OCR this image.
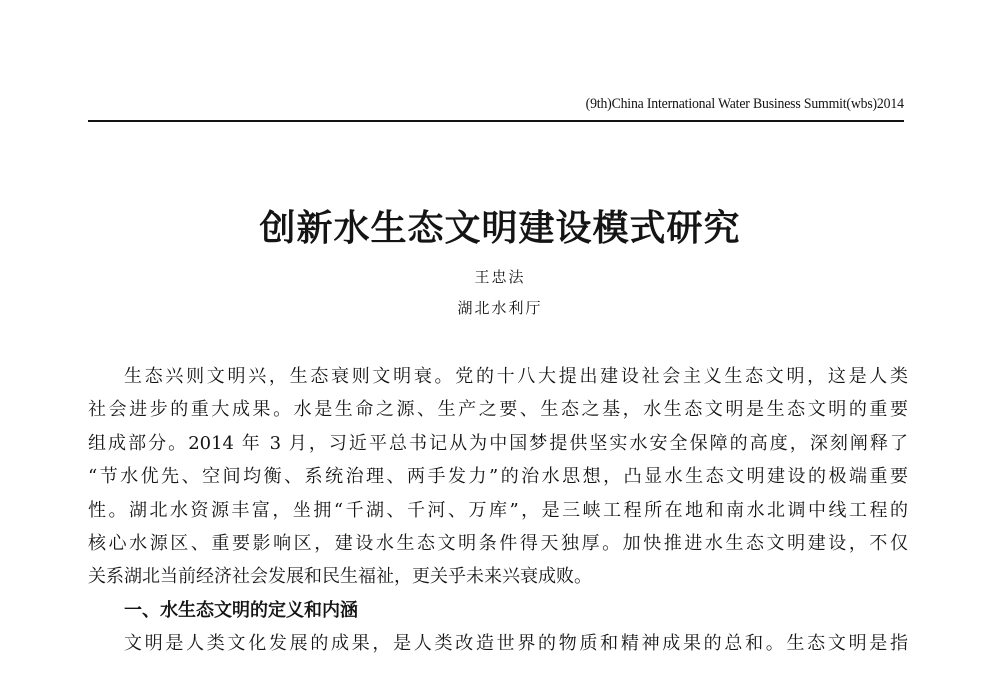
(9th)China International Water Business Summit(wbs)2014
创新水生态文明建设模式研究
王忠法
湖北水利厅
生态兴则文明兴，生态衰则文明衰。党的十八大提出建设社会主义生态文明，这是人类
社会进步的重大成果。水是生命之源、生产之要、生态之基，水生态文明是生态文明的重要
组成部分。2014 年 3 月，习近平总书记从为中国梦提供坚实水安全保障的高度，深刻阐释了
“节水优先、空间均衡、系统治理、两手发力”的治水思想，凸显水生态文明建设的极端重要
性。湖北水资源丰富，坐拥“千湖、千河、万库”，是三峡工程所在地和南水北调中线工程的
核心水源区、重要影响区，建设水生态文明条件得天独厚。加快推进水生态文明建设，不仅
关系湖北当前经济社会发展和民生福祉，更关乎未来兴衰成败。
一、水生态文明的定义和内涵
文明是人类文化发展的成果，是人类改造世界的物质和精神成果的总和。生态文明是指
